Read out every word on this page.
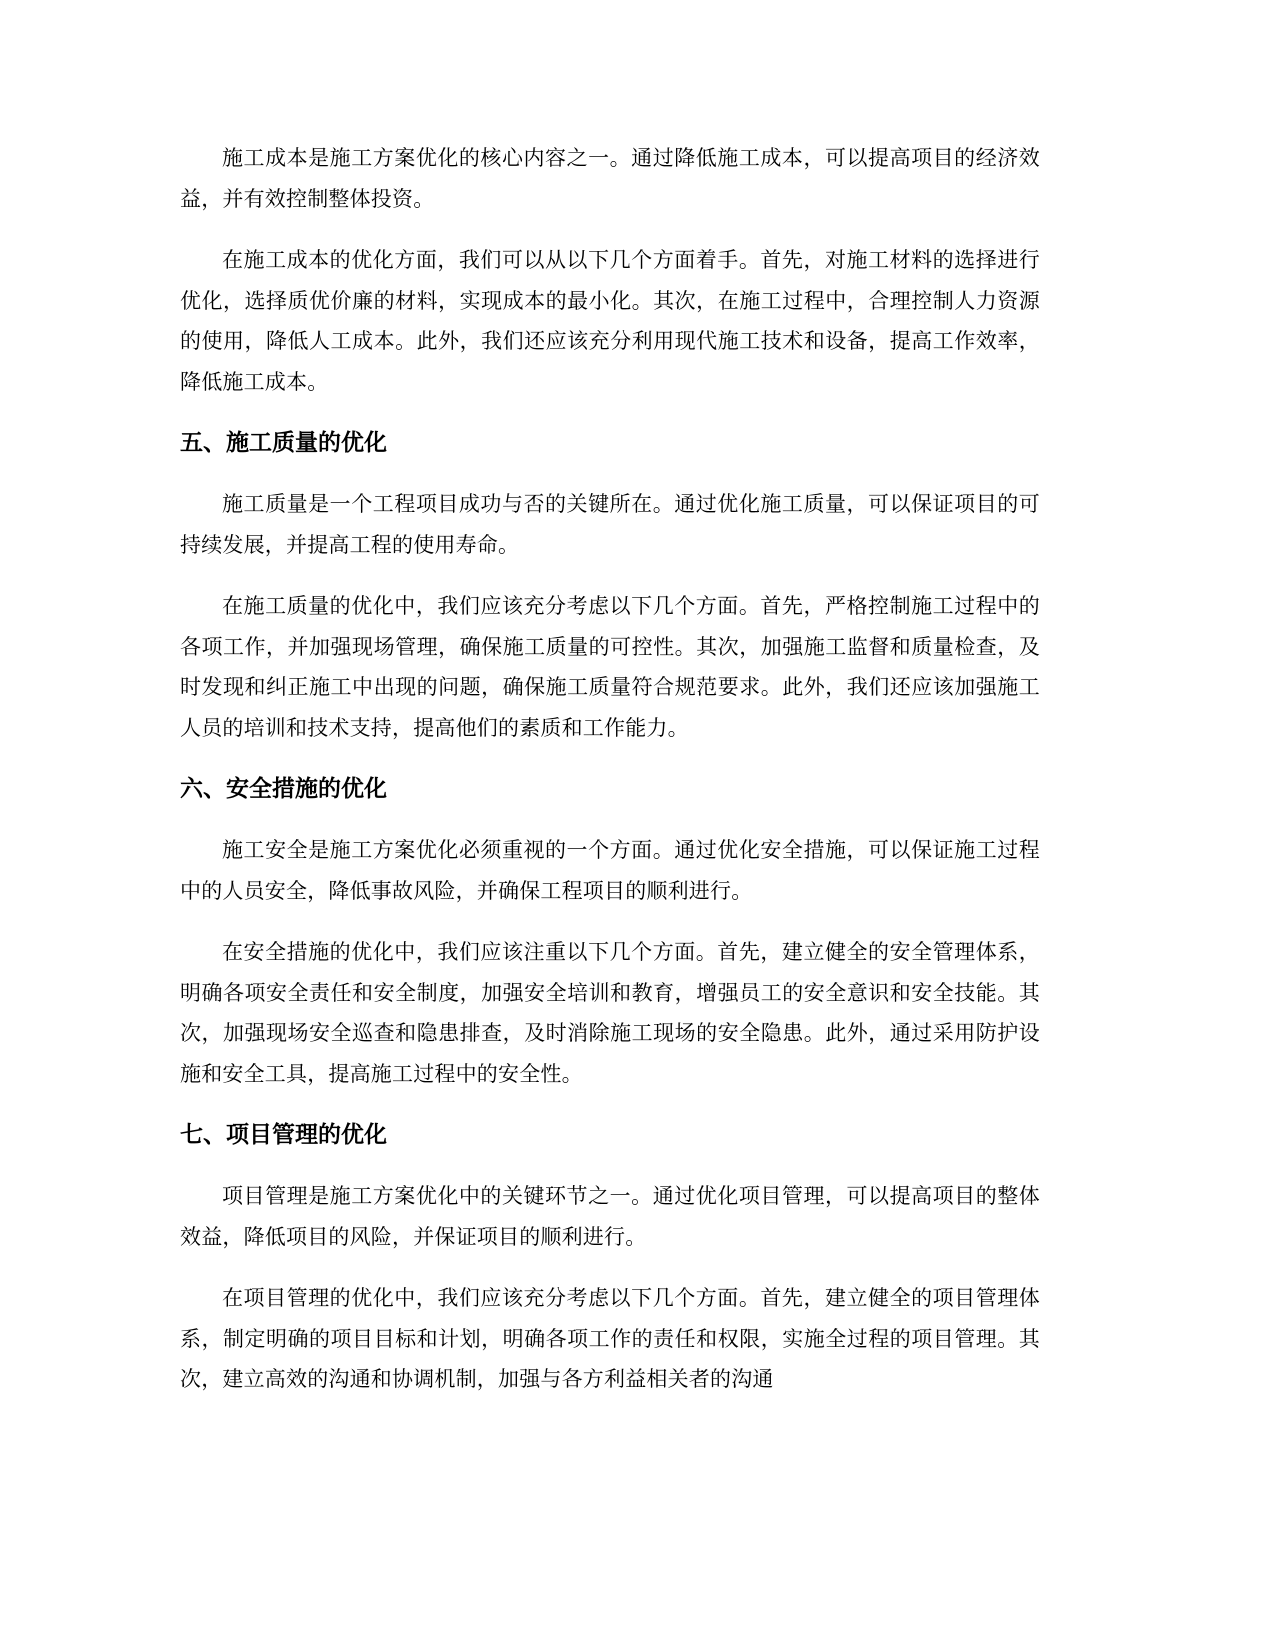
施工成本是施工方案优化的核心内容之一。通过降低施工成本，可以提高项目的经济效益，并有效控制整体投资。

在施工成本的优化方面，我们可以从以下几个方面着手。首先，对施工材料的选择进行优化，选择质优价廉的材料，实现成本的最小化。其次，在施工过程中，合理控制人力资源的使用，降低人工成本。此外，我们还应该充分利用现代施工技术和设备，提高工作效率，降低施工成本。

五、施工质量的优化

施工质量是一个工程项目成功与否的关键所在。通过优化施工质量，可以保证项目的可持续发展，并提高工程的使用寿命。

在施工质量的优化中，我们应该充分考虑以下几个方面。首先，严格控制施工过程中的各项工作，并加强现场管理，确保施工质量的可控性。其次，加强施工监督和质量检查，及时发现和纠正施工中出现的问题，确保施工质量符合规范要求。此外，我们还应该加强施工人员的培训和技术支持，提高他们的素质和工作能力。

六、安全措施的优化

施工安全是施工方案优化必须重视的一个方面。通过优化安全措施，可以保证施工过程中的人员安全，降低事故风险，并确保工程项目的顺利进行。

在安全措施的优化中，我们应该注重以下几个方面。首先，建立健全的安全管理体系，明确各项安全责任和安全制度，加强安全培训和教育，增强员工的安全意识和安全技能。其次，加强现场安全巡查和隐患排查，及时消除施工现场的安全隐患。此外，通过采用防护设施和安全工具，提高施工过程中的安全性。

七、项目管理的优化

项目管理是施工方案优化中的关键环节之一。通过优化项目管理，可以提高项目的整体效益，降低项目的风险，并保证项目的顺利进行。

在项目管理的优化中，我们应该充分考虑以下几个方面。首先，建立健全的项目管理体系，制定明确的项目目标和计划，明确各项工作的责任和权限，实施全过程的项目管理。其次，建立高效的沟通和协调机制，加强与各方利益相关者的沟通
